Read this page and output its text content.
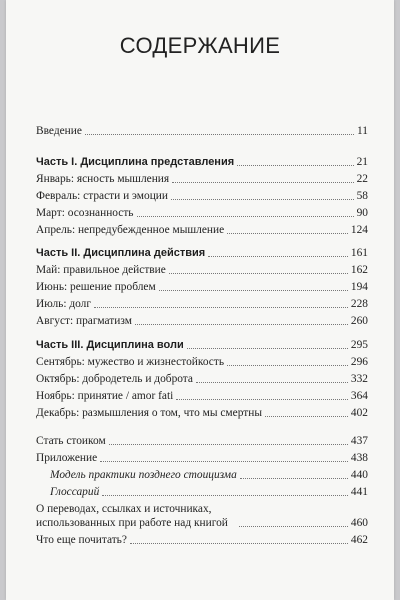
СОДЕРЖАНИЕ
Введение	11
Часть I. Дисциплина представления	21
Январь: ясность мышления	22
Февраль: страсти и эмоции	58
Март: осознанность	90
Апрель: непредубежденное мышление	124
Часть II. Дисциплина действия	161
Май: правильное действие	162
Июнь: решение проблем	194
Июль: долг	228
Август: прагматизм	260
Часть III. Дисциплина воли	295
Сентябрь: мужество и жизнестойкость	296
Октябрь: добродетель и доброта	332
Ноябрь: принятие / amor fati	364
Декабрь: размышления о том, что мы смертны	402
Стать стоиком	437
Приложение	438
Модель практики позднего стоицизма	440
Глоссарий	441
О переводах, ссылках и источниках, использованных при работе над книгой	460
Что еще почитать?	462
